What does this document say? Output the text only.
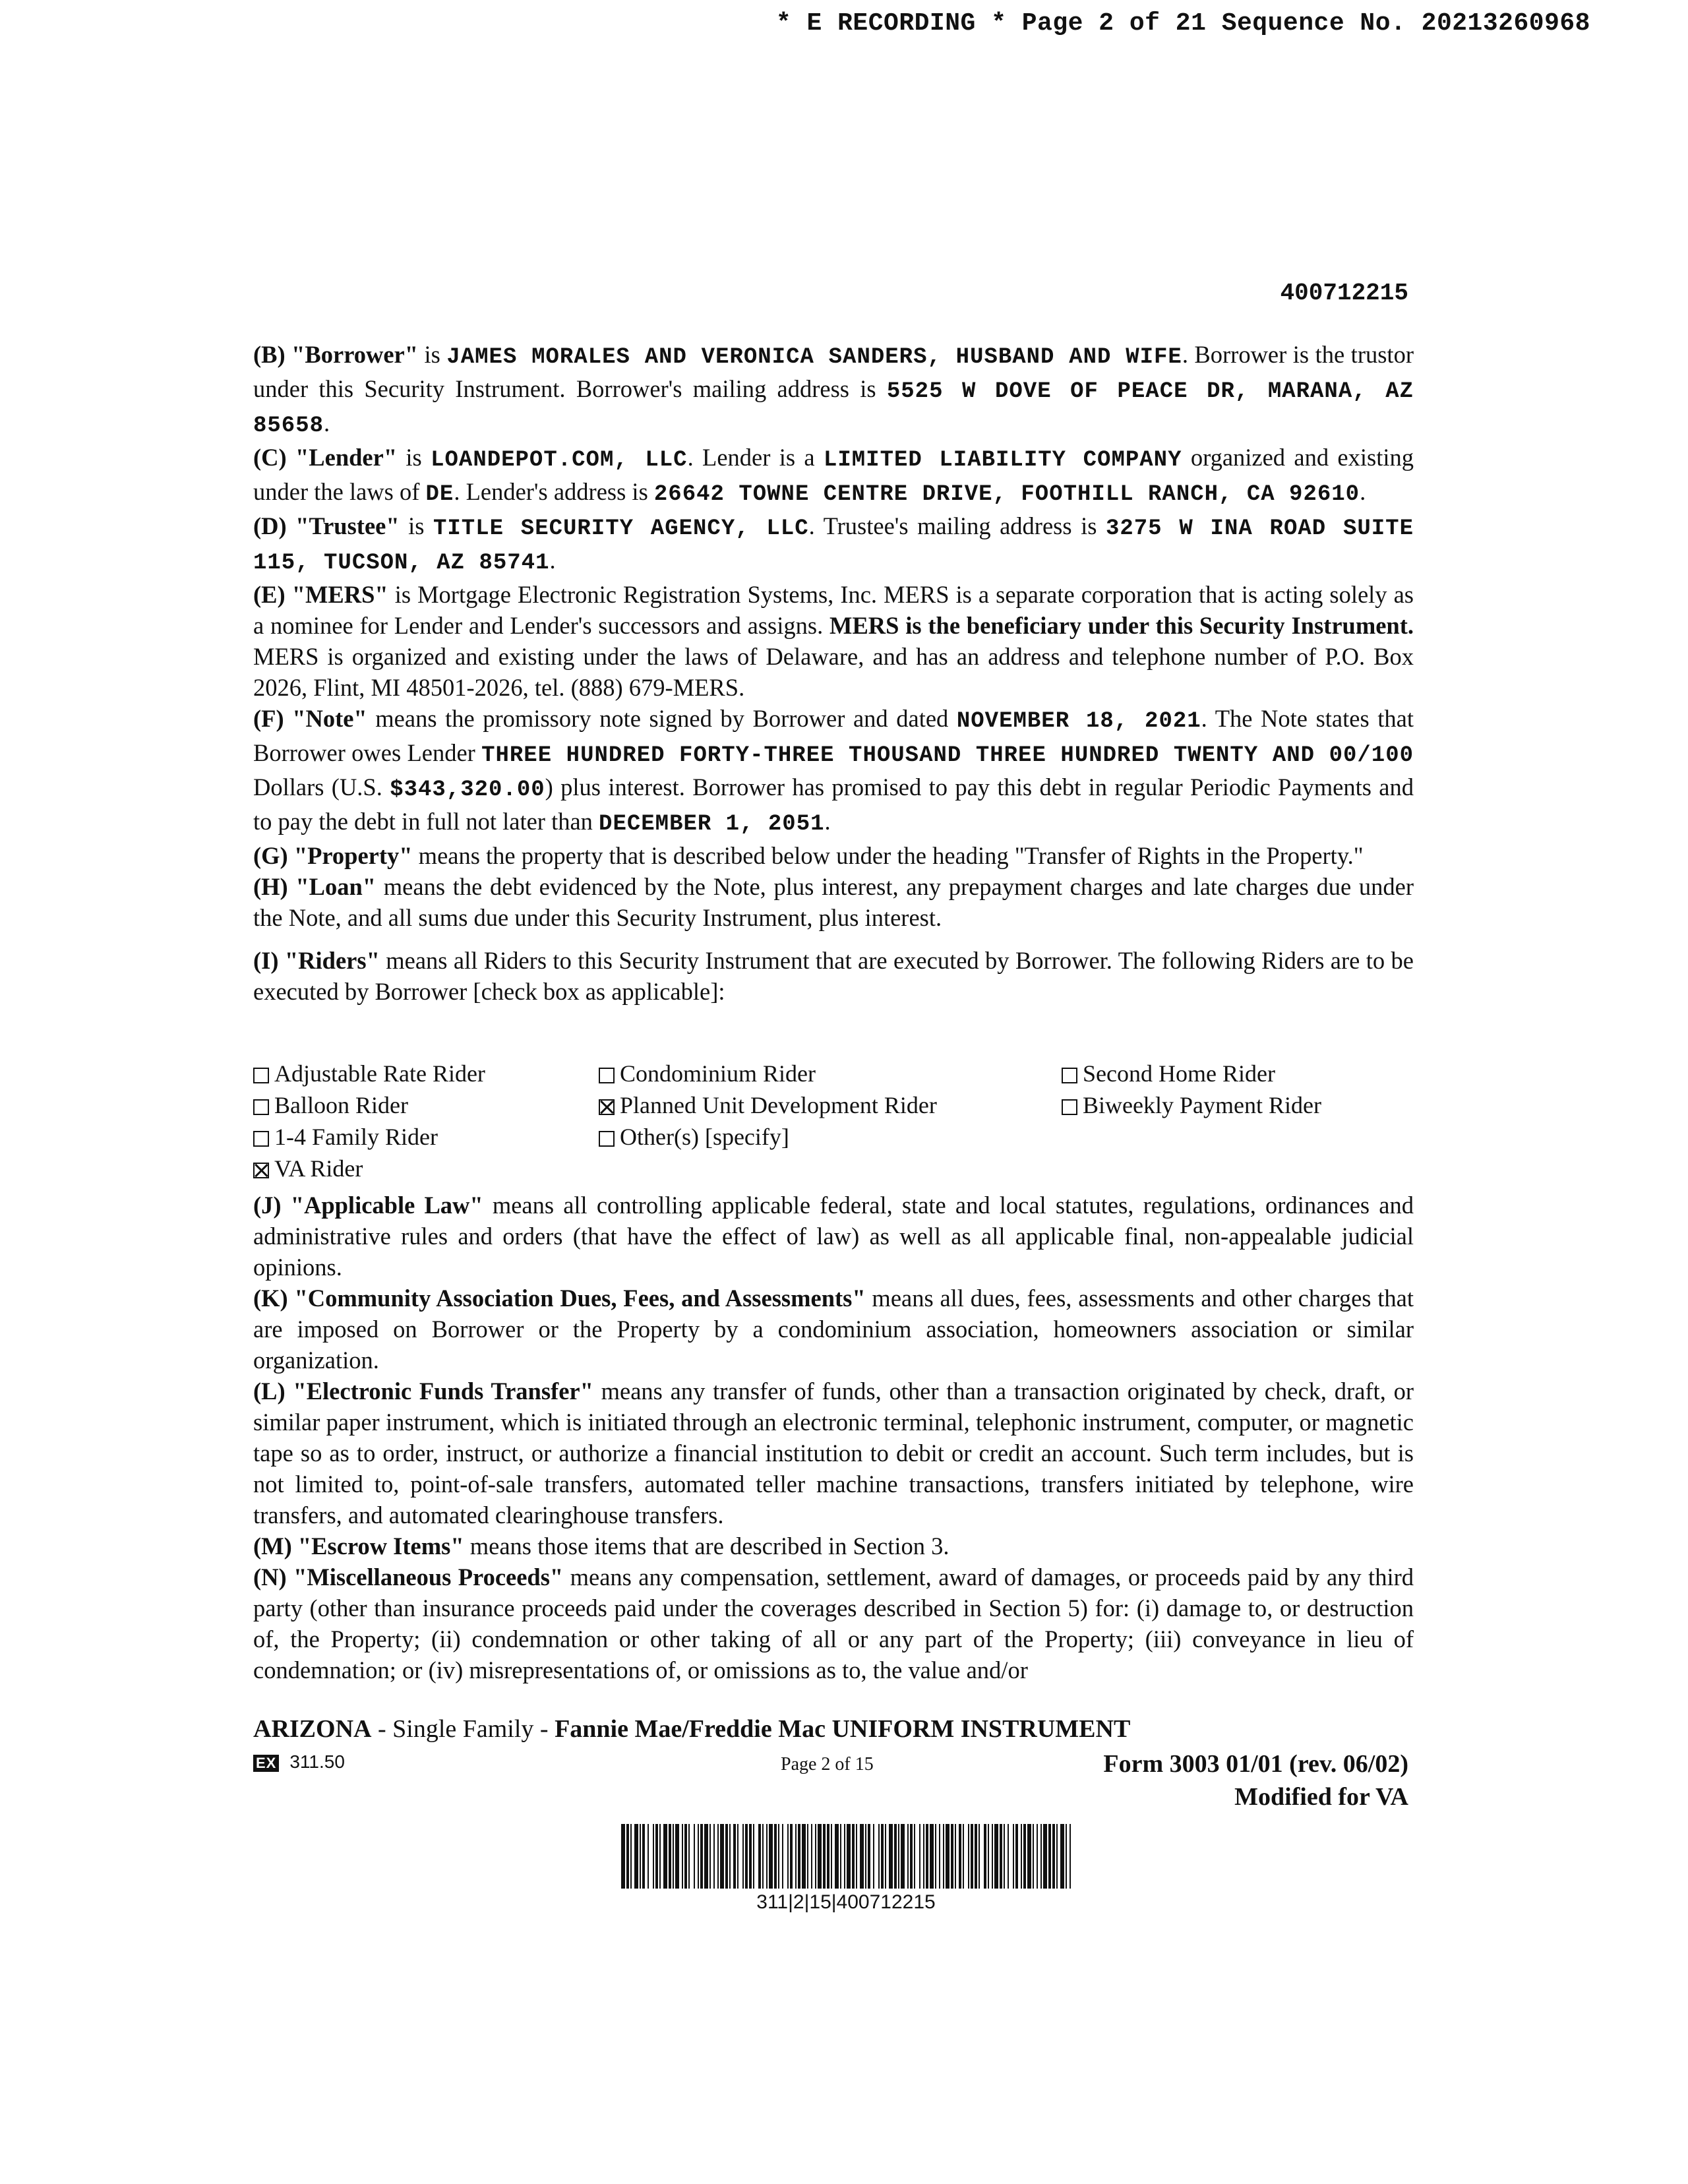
* E RECORDING * Page 2 of 21 Sequence No. 20213260968
400712215

(B) "Borrower" is JAMES MORALES AND VERONICA SANDERS, HUSBAND AND WIFE. Borrower is the trustor under this Security Instrument. Borrower's mailing address is 5525 W DOVE OF PEACE DR, MARANA, AZ 85658.

(C) "Lender" is LOANDEPOT.COM, LLC. Lender is a LIMITED LIABILITY COMPANY organized and existing under the laws of DE. Lender's address is 26642 TOWNE CENTRE DRIVE, FOOTHILL RANCH, CA 92610.

(D) "Trustee" is TITLE SECURITY AGENCY, LLC. Trustee's mailing address is 3275 W INA ROAD SUITE 115, TUCSON, AZ 85741.

(E) "MERS" is Mortgage Electronic Registration Systems, Inc. MERS is a separate corporation that is acting solely as a nominee for Lender and Lender's successors and assigns. MERS is the beneficiary under this Security Instrument. MERS is organized and existing under the laws of Delaware, and has an address and telephone number of P.O. Box 2026, Flint, MI 48501-2026, tel. (888) 679-MERS.

(F) "Note" means the promissory note signed by Borrower and dated NOVEMBER 18, 2021. The Note states that Borrower owes Lender THREE HUNDRED FORTY-THREE THOUSAND THREE HUNDRED TWENTY AND 00/100 Dollars (U.S. $343,320.00) plus interest. Borrower has promised to pay this debt in regular Periodic Payments and to pay the debt in full not later than DECEMBER 1, 2051.

(G) "Property" means the property that is described below under the heading "Transfer of Rights in the Property."

(H) "Loan" means the debt evidenced by the Note, plus interest, any prepayment charges and late charges due under the Note, and all sums due under this Security Instrument, plus interest.

(I) "Riders" means all Riders to this Security Instrument that are executed by Borrower. The following Riders are to be executed by Borrower [check box as applicable]:

Adjustable Rate Rider	Condominium Rider	Second Home Rider
Balloon Rider	Planned Unit Development Rider	Biweekly Payment Rider
1-4 Family Rider	Other(s) [specify]
VA Rider

(J) "Applicable Law" means all controlling applicable federal, state and local statutes, regulations, ordinances and administrative rules and orders (that have the effect of law) as well as all applicable final, non-appealable judicial opinions.

(K) "Community Association Dues, Fees, and Assessments" means all dues, fees, assessments and other charges that are imposed on Borrower or the Property by a condominium association, homeowners association or similar organization.

(L) "Electronic Funds Transfer" means any transfer of funds, other than a transaction originated by check, draft, or similar paper instrument, which is initiated through an electronic terminal, telephonic instrument, computer, or magnetic tape so as to order, instruct, or authorize a financial institution to debit or credit an account. Such term includes, but is not limited to, point-of-sale transfers, automated teller machine transactions, transfers initiated by telephone, wire transfers, and automated clearinghouse transfers.

(M) "Escrow Items" means those items that are described in Section 3.

(N) "Miscellaneous Proceeds" means any compensation, settlement, award of damages, or proceeds paid by any third party (other than insurance proceeds paid under the coverages described in Section 5) for: (i) damage to, or destruction of, the Property; (ii) condemnation or other taking of all or any part of the Property; (iii) conveyance in lieu of condemnation; or (iv) misrepresentations of, or omissions as to, the value and/or

ARIZONA - Single Family - Fannie Mae/Freddie Mac UNIFORM INSTRUMENT
EX 311.50	Page 2 of 15	Form 3003 01/01 (rev. 06/02)
Modified for VA
311|2|15|400712215
